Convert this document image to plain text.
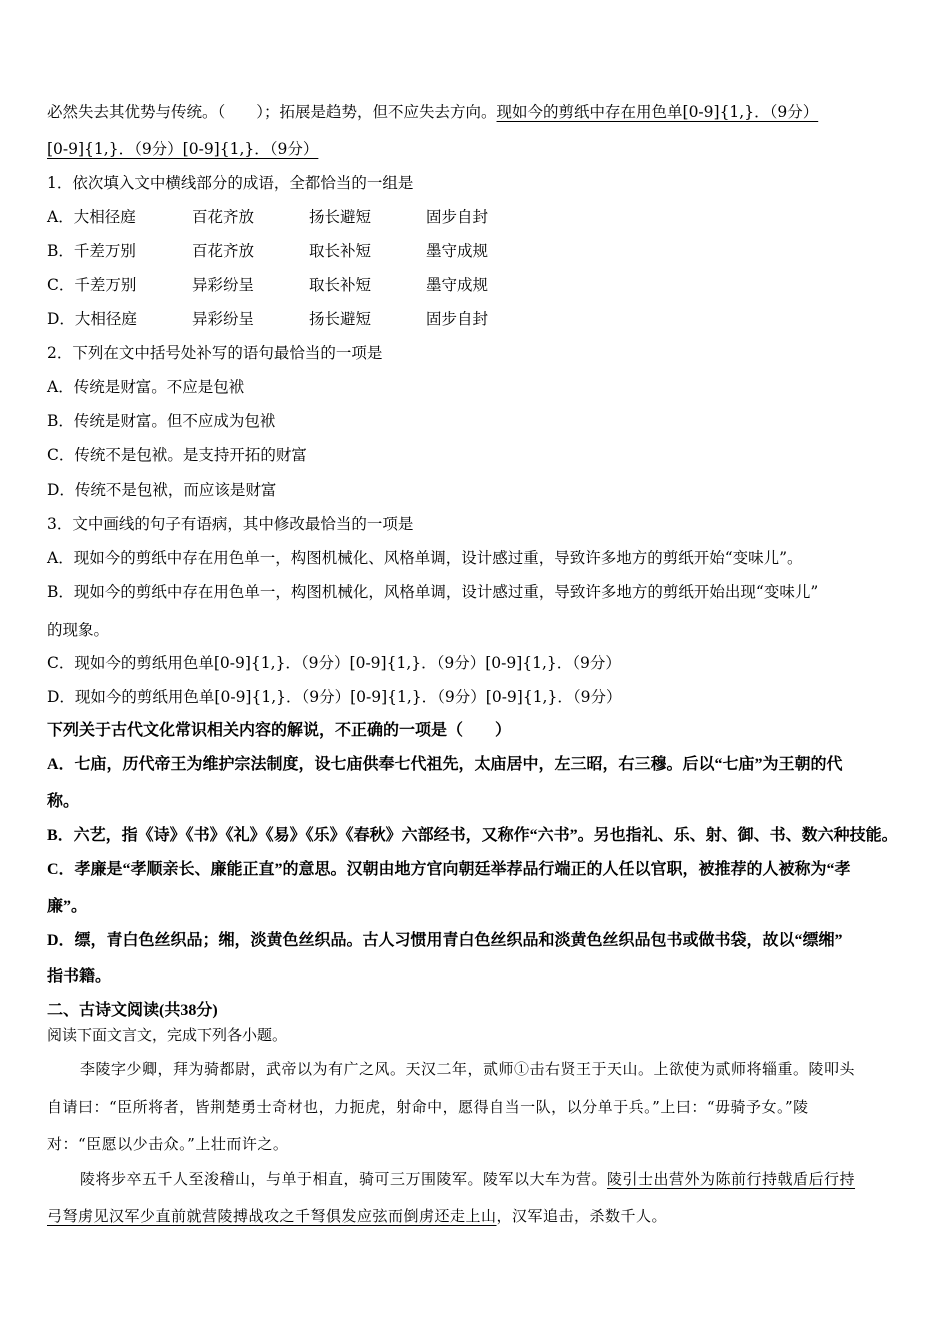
必然失去其优势与传统。（　　）；拓展是趋势，但不应失去方向。现如今的剪纸中存在用色单[0-9]{1,}．（9分）
[0-9]{1,}．（9分）[0-9]{1,}．（9分）
1．依次填入文中横线部分的成语，全都恰当的一组是
A．大相径庭	百花齐放	扬长避短	固步自封
B．千差万别	百花齐放	取长补短	墨守成规
C．千差万别	异彩纷呈	取长补短	墨守成规
D．大相径庭	异彩纷呈	扬长避短	固步自封
2．下列在文中括号处补写的语句最恰当的一项是
A．传统是财富。不应是包袱
B．传统是财富。但不应成为包袱
C．传统不是包袱。是支持开拓的财富
D．传统不是包袱，而应该是财富
3．文中画线的句子有语病，其中修改最恰当的一项是
A．现如今的剪纸中存在用色单一，构图机械化、风格单调，设计感过重，导致许多地方的剪纸开始“变味儿”。
B．现如今的剪纸中存在用色单一，构图机械化，风格单调，设计感过重，导致许多地方的剪纸开始出现“变味儿”
的现象。
C．现如今的剪纸用色单[0-9]{1,}．（9分）[0-9]{1,}．（9分）[0-9]{1,}．（9分）
D．现如今的剪纸用色单[0-9]{1,}．（9分）[0-9]{1,}．（9分）[0-9]{1,}．（9分）
下列关于古代文化常识相关内容的解说，不正确的一项是（　　）
A．七庙，历代帝王为维护宗法制度，设七庙供奉七代祖先，太庙居中，左三昭，右三穆。后以“七庙”为王朝的代
称。
B．六艺，指《诗》《书》《礼》《易》《乐》《春秋》六部经书，又称作“六书”。另也指礼、乐、射、御、书、数六种技能。
C．孝廉是“孝顺亲长、廉能正直”的意思。汉朝由地方官向朝廷举荐品行端正的人任以官职，被推荐的人被称为“孝
廉”。
D．缥，青白色丝织品；缃，淡黄色丝织品。古人习惯用青白色丝织品和淡黄色丝织品包书或做书袋，故以“缥缃”
指书籍。
二、古诗文阅读(共38分)
阅读下面文言文，完成下列各小题。
李陵字少卿，拜为骑都尉，武帝以为有广之风。天汉二年，贰师①击右贤王于天山。上欲使为贰师将辎重。陵叩头
自请曰：“臣所将者，皆荆楚勇士奇材也，力扼虎，射命中，愿得自当一队，以分单于兵。”上曰：“毋骑予女。”陵
对：“臣愿以少击众。”上壮而许之。
陵将步卒五千人至浚稽山，与单于相直，骑可三万围陵军。陵军以大车为营。陵引士出营外为陈前行持戟盾后行持
弓弩虏见汉军少直前就营陵搏战攻之千弩俱发应弦而倒虏还走上山，汉军追击，杀数千人。
